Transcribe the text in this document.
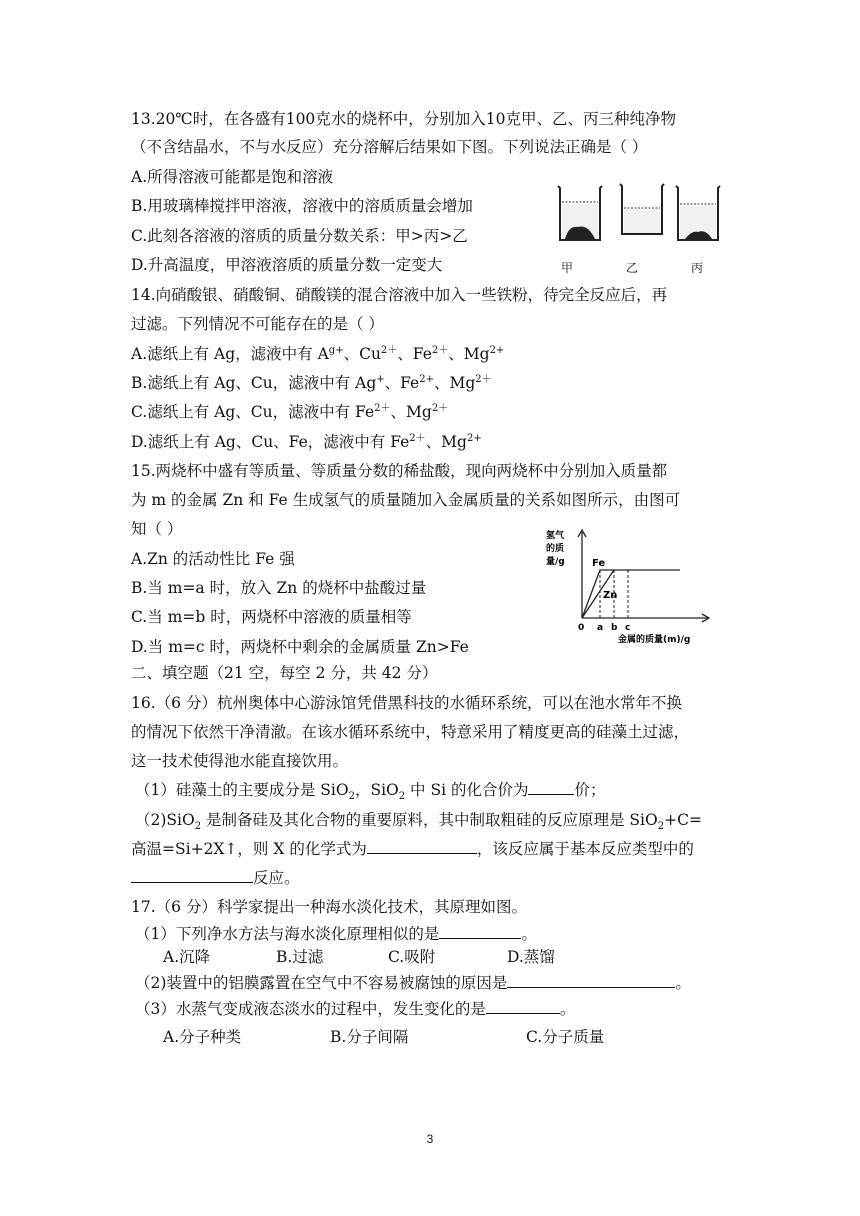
13.20℃时，在各盛有100克水的烧杯中，分别加入10克甲、乙、丙三种纯净物
（不含结晶水，不与水反应）充分溶解后结果如下图。下列说法正确是（ ）
A.所得溶液可能都是饱和溶液
B.用玻璃棒搅拌甲溶液，溶液中的溶质质量会增加
C.此刻各溶液的溶质的质量分数关系：甲>丙>乙
D.升高温度，甲溶液溶质的质量分数一定变大	甲	乙	丙
14.向硝酸银、硝酸铜、硝酸镁的混合溶液中加入一些铁粉，待完全反应后，再
过滤。下列情况不可能存在的是（ ）
A.滤纸上有 Ag，滤液中有 $A^{g+}$、$Cu^{2+}$、$Fe^{2+}$、$Mg^{2+}$
B.滤纸上有 Ag、Cu，滤液中有 Ag+、$Fe^{2+}$、$Mg^{2+}$
C.滤纸上有 Ag、Cu，滤液中有 $Fe^{2+}$、$Mg^{2+}$
D.滤纸上有 Ag、Cu、Fe，滤液中有 $Fe^{2+}$、$Mg^{2+}$
15.两烧杯中盛有等质量、等质量分数的稀盐酸，现向两烧杯中分别加入质量都
为 m 的金属 Zn 和 Fe 生成氢气的质量随加入金属质量的关系如图所示，由图可
知（ ）
A.Zn 的活动性比 Fe 强
B.当 m=a 时，放入 Zn 的烧杯中盐酸过量
C.当 m=b 时，两烧杯中溶液的质量相等
D.当 m=c 时，两烧杯中剩余的金属质量 Zn>Fe
氢气
的质
量/g	Fe
Zn
0 a b c
金属的质量(m)/g
二、填空题（21 空，每空 2 分，共 42 分）
16.（6 分）杭州奥体中心游泳馆凭借黑科技的水循环系统，可以在池水常年不换
的情况下依然干净清澈。在该水循环系统中，特意采用了精度更高的硅藻土过滤，
这一技术使得池水能直接饮用。
（1）硅藻土的主要成分是 SiO$_2$，SiO$_2$ 中 Si 的化合价为	价；
（2)SiO$_2$ 是制备硅及其化合物的重要原料，其中制取粗硅的反应原理是 SiO$_2$+C=
高温=Si+2X↑，则 X 的化学式为	，该反应属于基本反应类型中的
反应。
17.（6 分）科学家提出一种海水淡化技术，其原理如图。
（1）下列净水方法与海水淡化原理相似的是	。
A.沉降	B.过滤	C.吸附	D.蒸馏
（2)装置中的铝膜露置在空气中不容易被腐蚀的原因是	。
（3）水蒸气变成液态淡水的过程中，发生变化的是	。
A.分子种类	B.分子间隔	C.分子质量
3
